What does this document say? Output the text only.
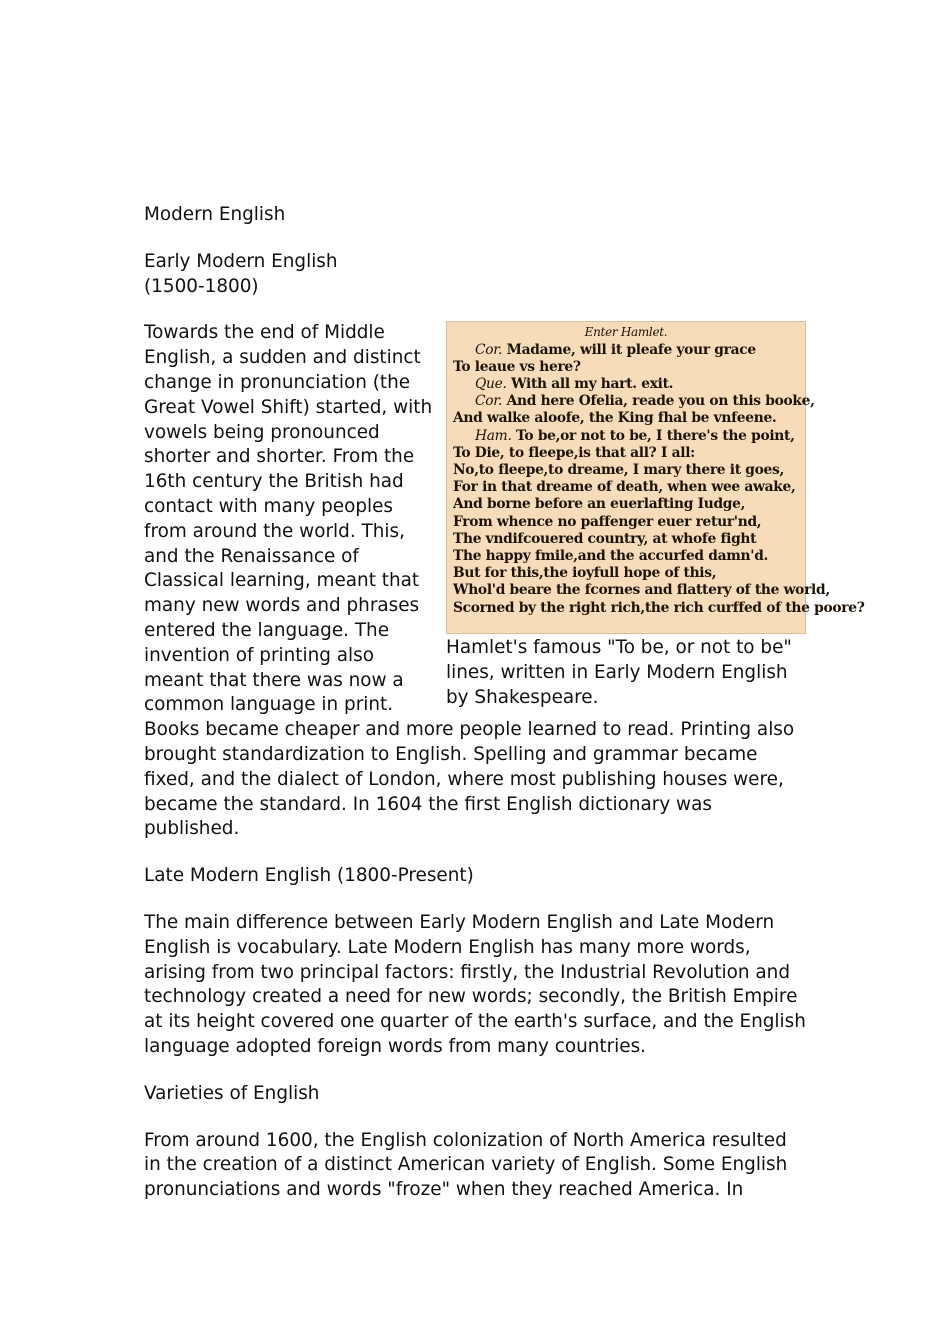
Modern English

Early Modern English
(1500-1800)

Enter Hamlet.
Cor. Madame, will it pleafe your grace
To leaue vs here?
Que. With all my hart. exit.
Cor. And here Ofelia, reade you on this booke,
And walke aloofe, the King fhal be vnfeene.
Ham. To be,or not to be, I there's the point,
To Die, to fleepe,is that all? I all:
No,to fleepe,to dreame, I mary there it goes,
For in that dreame of death, when wee awake,
And borne before an euerlafting Iudge,
From whence no paffenger euer retur'nd,
The vndifcouered country, at whofe fight
The happy fmile,and the accurfed damn'd.
But for this,the ioyfull hope of this,
Whol'd beare the fcornes and flattery of the world,
Scorned by the right rich,the rich curffed of the poore?
Hamlet's famous "To be, or not to be" lines, written in Early Modern English by Shakespeare.

Towards the end of Middle English, a sudden and distinct change in pronunciation (the Great Vowel Shift) started, with vowels being pronounced shorter and shorter. From the 16th century the British had contact with many peoples from around the world. This, and the Renaissance of Classical learning, meant that many new words and phrases entered the language. The invention of printing also meant that there was now a common language in print. Books became cheaper and more people learned to read. Printing also brought standardization to English. Spelling and grammar became fixed, and the dialect of London, where most publishing houses were, became the standard. In 1604 the first English dictionary was published.

Late Modern English (1800-Present)

The main difference between Early Modern English and Late Modern English is vocabulary. Late Modern English has many more words, arising from two principal factors: firstly, the Industrial Revolution and technology created a need for new words; secondly, the British Empire at its height covered one quarter of the earth's surface, and the English language adopted foreign words from many countries.

Varieties of English

From around 1600, the English colonization of North America resulted in the creation of a distinct American variety of English. Some English pronunciations and words "froze" when they reached America. In
